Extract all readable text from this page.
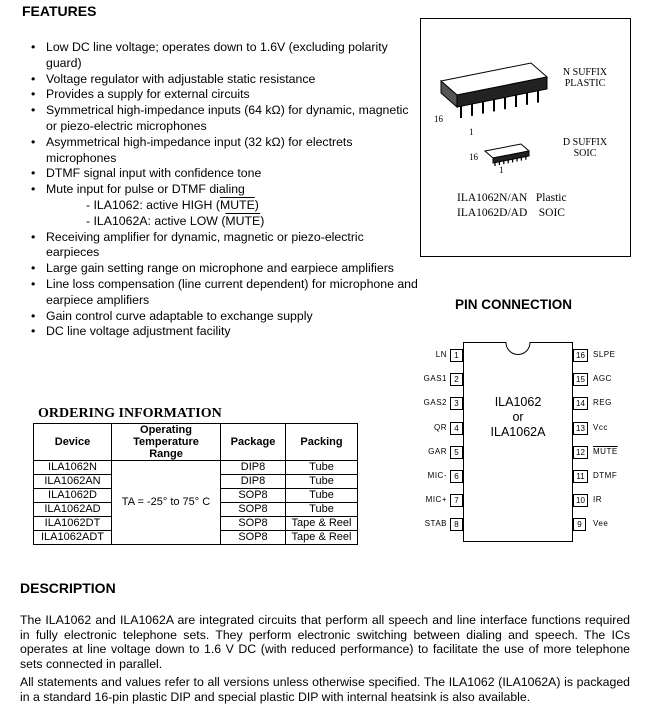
FEATURES
• Low DC line voltage; operates down to 1.6V (excluding polarity guard)
• Voltage regulator with adjustable static resistance
• Provides a supply for external circuits
• Symmetrical high-impedance inputs (64 kΩ) for dynamic, magnetic or piezo-electric microphones
• Asymmetrical high-impedance input (32 kΩ) for electrets microphones
• DTMF signal input with confidence tone
• Mute input for pulse or DTMF dialing
- ILA1062: active HIGH (MUTE)
- ILA1062A: active LOW (MUTE)
• Receiving amplifier for dynamic, magnetic or piezo-electric earpieces
• Large gain setting range on microphone and earpiece amplifiers
• Line loss compensation (line current dependent) for microphone and earpiece amplifiers
• Gain control curve adaptable to exchange supply
• DC line voltage adjustment facility
N SUFFIX
PLASTIC
16
1
D SUFFIX
SOIC
16
1
ILA1062N/AN Plastic
ILA1062D/AD SOIC
ORDERING INFORMATION
Device	Operating Temperature Range	Package	Packing
ILA1062N	TA = -25° to 75° C	DIP8	Tube
ILA1062AN		DIP8	Tube
ILA1062D		SOP8	Tube
ILA1062AD		SOP8	Tube
ILA1062DT		SOP8	Tape & Reel
ILA1062ADT		SOP8	Tape & Reel
PIN CONNECTION
ILA1062
or
ILA1062A
1
LN	16	SLPE
2
GAS1	15	AGC
3
GAS2	14	REG
4
QR	13	Vcc
5
GAR	12	MUTE
6
MIC-	11	DTMF
7
MIC+	10	IR
8
STAB	9	Vee
DESCRIPTION

The ILA1062 and ILA1062A are integrated circuits that perform all speech and line interface functions required in fully electronic telephone sets. They perform electronic switching between dialing and speech. The ICs operates at line voltage down to 1.6 V DC (with reduced performance) to facilitate the use of more telephone sets connected in parallel.

All statements and values refer to all versions unless otherwise specified. The ILA1062 (ILA1062A) is packaged in a standard 16-pin plastic DIP and special plastic DIP with internal heatsink is also available.
